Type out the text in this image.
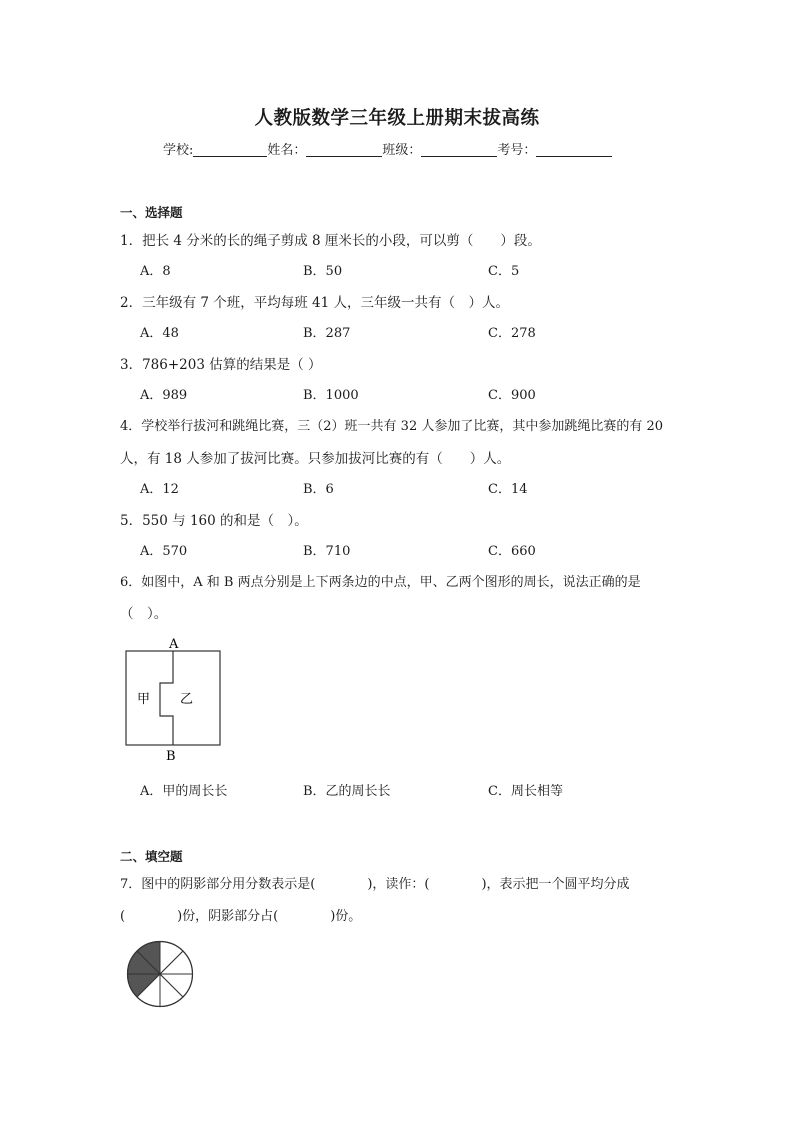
人教版数学三年级上册期末拔高练
学校:	姓名：	班级：	考号：
一、选择题
1．把长 4 分米的长的绳子剪成 8 厘米长的小段，可以剪（　　）段。
A．8	B．50	C．5
2．三年级有 7 个班，平均每班 41 人，三年级一共有（　）人。
A．48	B．287	C．278
3．786+203 估算的结果是（ ）
A．989	B．1000	C．900
4．学校举行拔河和跳绳比赛，三（2）班一共有 32 人参加了比赛，其中参加跳绳比赛的有 20
人，有 18 人参加了拔河比赛。只参加拔河比赛的有（　　）人。
A．12	B．6	C．14
5．550 与 160 的和是（　）。
A．570	B．710	C．660
6．如图中，A 和 B 两点分别是上下两条边的中点，甲、乙两个图形的周长，说法正确的是
（　）。
A
B
甲 乙
A．甲的周长长	B．乙的周长长	C．周长相等
二、填空题
7．图中的阴影部分用分数表示是(　　　　)，读作：(　　　　)，表示把一个圆平均分成
(　　　　)份，阴影部分占(　　　　)份。
